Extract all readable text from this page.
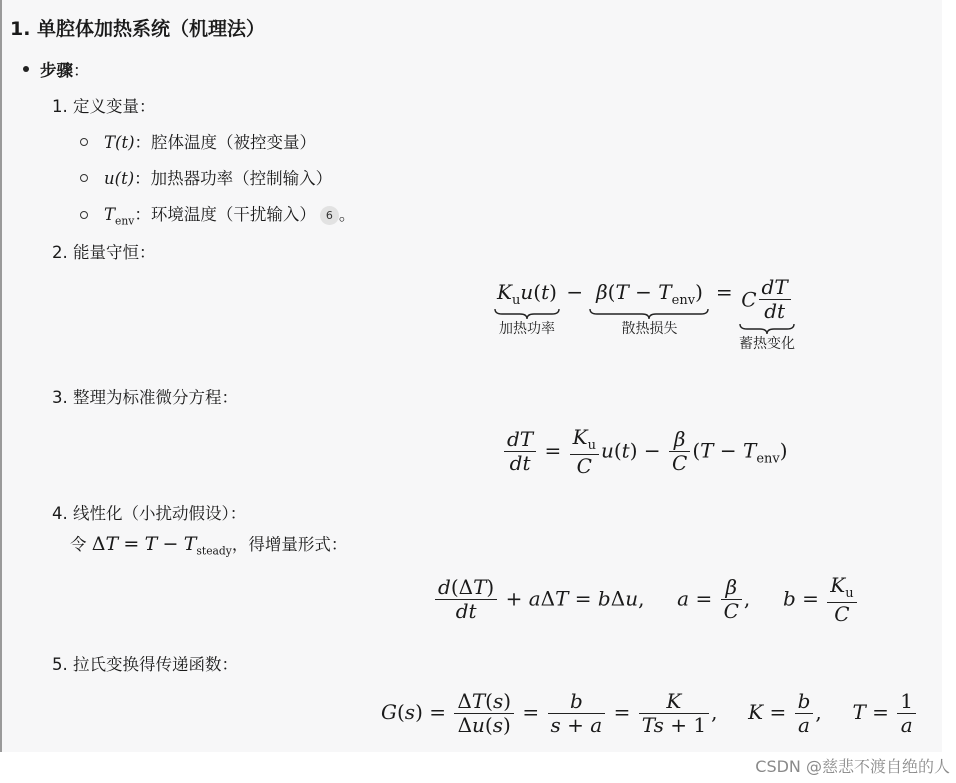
1. 单腔体加热系统（机理法）
步骤：
1. 定义变量：
T(t)：腔体温度（被控变量）
u(t)：加热器功率（控制输入）
$T_{env}$：环境温度（干扰输入） 6 。
2. 能量守恒：
$K_uu(t)$
加热功率
− $\beta(T - T_{env})$
散热损失
= C $\frac{dT}{dt}$
蓄热变化
3. 整理为标准微分方程：
$\frac{dT}{dt} = \frac{K_u}{C} u(t) - \frac{\beta}{C} (T - T_{env})$
4. 线性化（小扰动假设）：
令 $\Delta T = T - T_{steady}$，得增量形式：
$\frac{d(\Delta T)}{dt} + a\Delta T = b\Delta u$, $a = \frac{\beta}{C}$ , $b = \frac{K_u}{C}$
5. 拉氏变换得传递函数：
$G(s) = \frac{\Delta T(s)}{\Delta u(s)} = \frac{b}{s + a} = \frac{K}{Ts + 1}$ , $K = \frac{b}{a}$ , $T = \frac{1}{a}$
CSDN @慈悲不渡自绝的人
